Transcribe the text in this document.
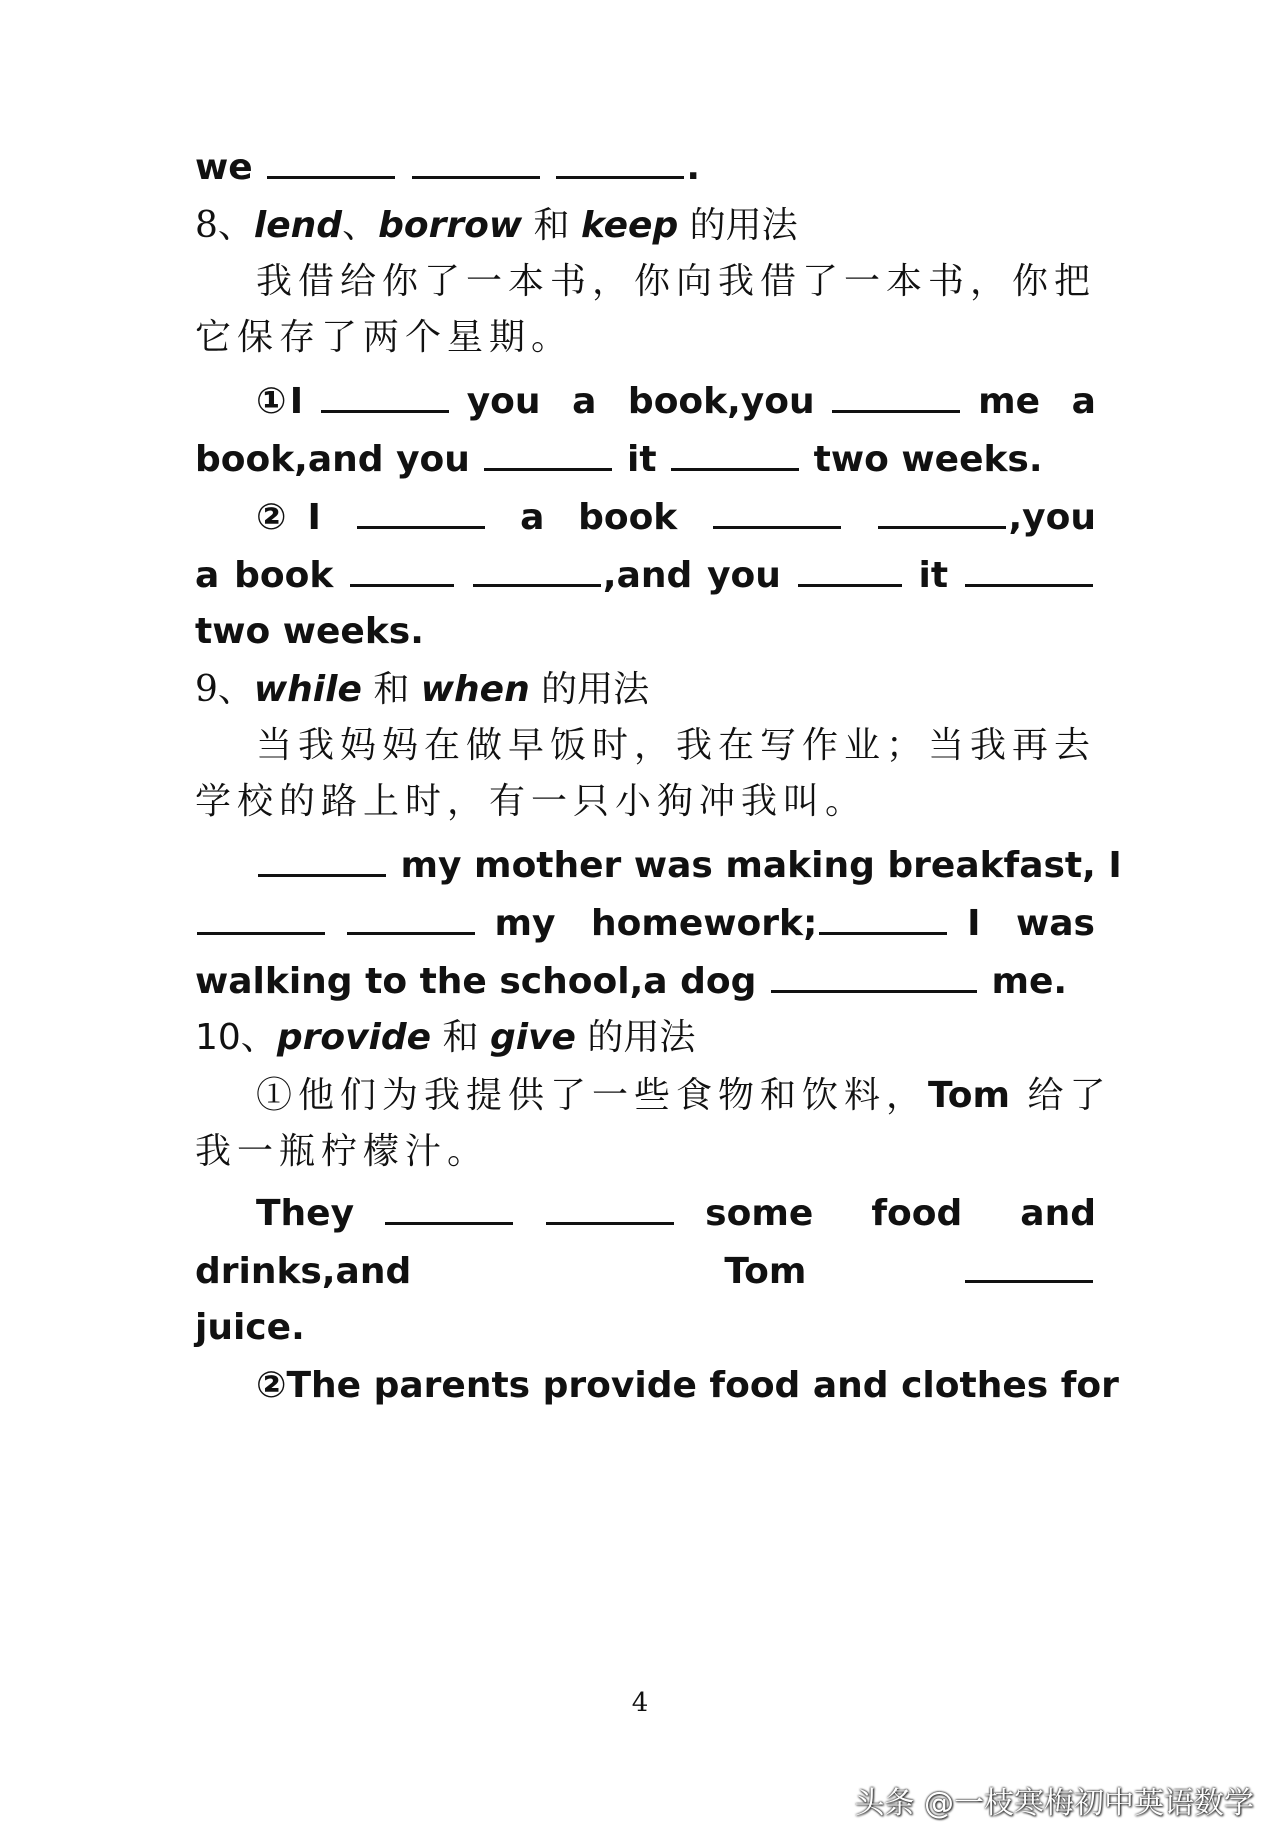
we	.
8、lend、borrow 和 keep 的用法
我借给你了一本书，你向我借了一本书，你把
它保存了两个星期。
①I	you  a  book,you	me  a
book,and you	it	two weeks.
②I	a book	,you
a book	,and you	it
two weeks.
9、while 和 when 的用法
当我妈妈在做早饭时，我在写作业；当我再去
学校的路上时，有一只小狗冲我叫。
my mother was making breakfast, I
my  homework;	I  was
walking to the school,a dog	me.
10、provide 和 give 的用法
①他们为我提供了一些食物和饮料，Tom 给了
我一瓶柠檬汁。
They	some  food  and
drinks,and  Tom
juice.
②The parents provide food and clothes for
4
头条 @一枝寒梅初中英语数学
